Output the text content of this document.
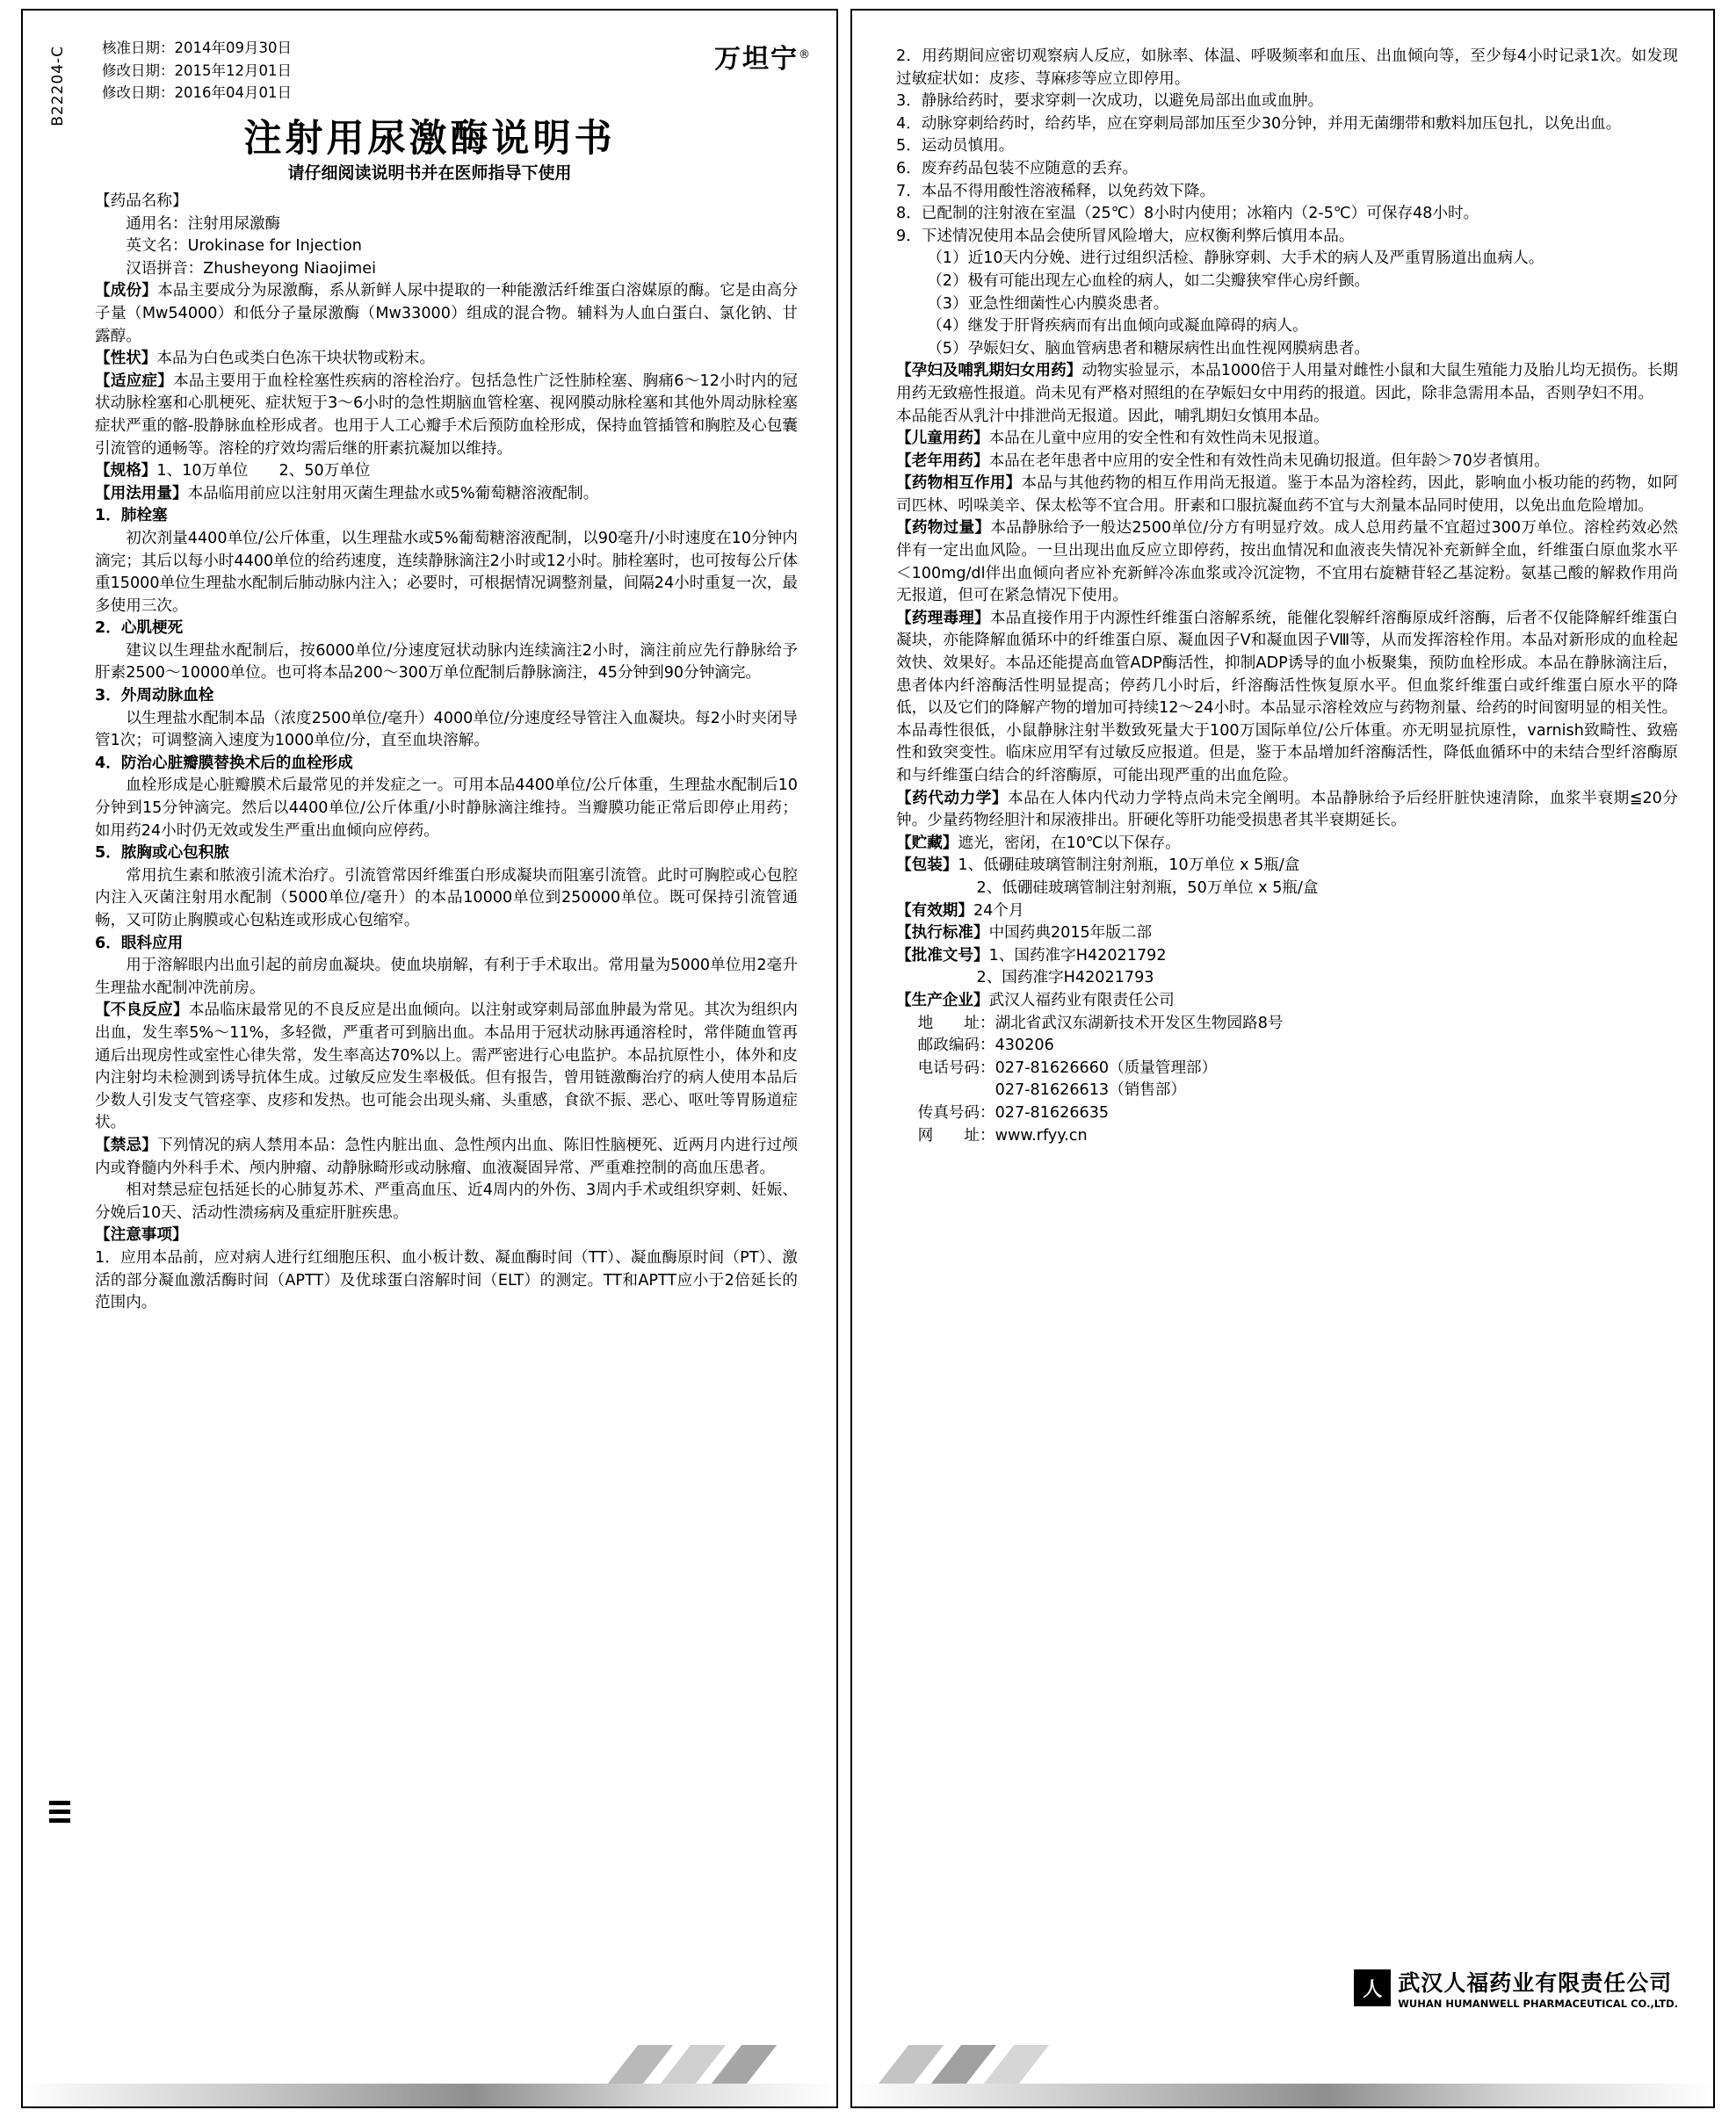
B22204-C 核准日期：2014年09月30日

修改日期：2015年12月01日

修改日期：2016年04月01日

万坦宁®
注射用尿激酶说明书
请仔细阅读说明书并在医师指导下使用

【药品名称】

通用名：注射用尿激酶

英文名：Urokinase for Injection

汉语拼音：Zhusheyong Niaojimei

【成份】本品主要成分为尿激酶，系从新鲜人尿中提取的一种能激活纤维蛋白溶媒原的酶。它是由高分子量（Mw54000）和低分子量尿激酶（Mw33000）组成的混合物。辅料为人血白蛋白、氯化钠、甘露醇。

【性状】本品为白色或类白色冻干块状物或粉末。

【适应症】本品主要用于血栓栓塞性疾病的溶栓治疗。包括急性广泛性肺栓塞、胸痛6～12小时内的冠状动脉栓塞和心肌梗死、症状短于3～6小时的急性期脑血管栓塞、视网膜动脉栓塞和其他外周动脉栓塞症状严重的髂-股静脉血栓形成者。也用于人工心瓣手术后预防血栓形成，保持血管插管和胸腔及心包囊引流管的通畅等。溶栓的疗效均需后继的肝素抗凝加以维持。

【规格】1、10万单位　　2、50万单位

【用法用量】本品临用前应以注射用灭菌生理盐水或5%葡萄糖溶液配制。

1．肺栓塞

初次剂量4400单位/公斤体重，以生理盐水或5%葡萄糖溶液配制，以90毫升/小时速度在10分钟内滴完；其后以每小时4400单位的给药速度，连续静脉滴注2小时或12小时。肺栓塞时，也可按每公斤体重15000单位生理盐水配制后肺动脉内注入；必要时，可根据情况调整剂量，间隔24小时重复一次，最多使用三次。

2．心肌梗死

建议以生理盐水配制后，按6000单位/分速度冠状动脉内连续滴注2小时，滴注前应先行静脉给予肝素2500～10000单位。也可将本品200～300万单位配制后静脉滴注，45分钟到90分钟滴完。

3．外周动脉血栓

以生理盐水配制本品（浓度2500单位/毫升）4000单位/分速度经导管注入血凝块。每2小时夹闭导管1次；可调整滴入速度为1000单位/分，直至血块溶解。

4．防治心脏瓣膜替换术后的血栓形成

血栓形成是心脏瓣膜术后最常见的并发症之一。可用本品4400单位/公斤体重，生理盐水配制后10分钟到15分钟滴完。然后以4400单位/公斤体重/小时静脉滴注维持。当瓣膜功能正常后即停止用药；如用药24小时仍无效或发生严重出血倾向应停药。

5．脓胸或心包积脓

常用抗生素和脓液引流术治疗。引流管常因纤维蛋白形成凝块而阻塞引流管。此时可胸腔或心包腔内注入灭菌注射用水配制（5000单位/毫升）的本品10000单位到250000单位。既可保持引流管通畅，又可防止胸膜或心包粘连或形成心包缩窄。

6．眼科应用

用于溶解眼内出血引起的前房血凝块。使血块崩解，有利于手术取出。常用量为5000单位用2毫升生理盐水配制冲洗前房。

【不良反应】本品临床最常见的不良反应是出血倾向。以注射或穿刺局部血肿最为常见。其次为组织内出血，发生率5%～11%，多轻微，严重者可到脑出血。本品用于冠状动脉再通溶栓时，常伴随血管再通后出现房性或室性心律失常，发生率高达70%以上。需严密进行心电监护。本品抗原性小，体外和皮内注射均未检测到诱导抗体生成。过敏反应发生率极低。但有报告，曾用链激酶治疗的病人使用本品后少数人引发支气管痉挛、皮疹和发热。也可能会出现头痛、头重感，食欲不振、恶心、呕吐等胃肠道症状。

【禁忌】下列情况的病人禁用本品：急性内脏出血、急性颅内出血、陈旧性脑梗死、近两月内进行过颅内或脊髓内外科手术、颅内肿瘤、动静脉畸形或动脉瘤、血液凝固异常、严重难控制的高血压患者。

相对禁忌症包括延长的心肺复苏术、严重高血压、近4周内的外伤、3周内手术或组织穿刺、妊娠、分娩后10天、活动性溃疡病及重症肝脏疾患。

【注意事项】

1．应用本品前，应对病人进行红细胞压积、血小板计数、凝血酶时间（TT）、凝血酶原时间（PT）、激活的部分凝血激活酶时间（APTT）及优球蛋白溶解时间（ELT）的测定。TT和APTT应小于2倍延长的范围内。

2．用药期间应密切观察病人反应，如脉率、体温、呼吸频率和血压、出血倾向等，至少每4小时记录1次。如发现过敏症状如：皮疹、荨麻疹等应立即停用。

3．静脉给药时，要求穿刺一次成功，以避免局部出血或血肿。

4．动脉穿刺给药时，给药毕，应在穿刺局部加压至少30分钟，并用无菌绷带和敷料加压包扎，以免出血。

5．运动员慎用。

6．废弃药品包装不应随意的丢弃。

7．本品不得用酸性溶液稀释，以免药效下降。

8．已配制的注射液在室温（25℃）8小时内使用；冰箱内（2-5℃）可保存48小时。

9．下述情况使用本品会使所冒风险增大，应权衡利弊后慎用本品。

（1）近10天内分娩、进行过组织活检、静脉穿刺、大手术的病人及严重胃肠道出血病人。

（2）极有可能出现左心血栓的病人，如二尖瓣狭窄伴心房纤颤。

（3）亚急性细菌性心内膜炎患者。

（4）继发于肝肾疾病而有出血倾向或凝血障碍的病人。

（5）孕娠妇女、脑血管病患者和糖尿病性出血性视网膜病患者。

【孕妇及哺乳期妇女用药】动物实验显示，本品1000倍于人用量对雌性小鼠和大鼠生殖能力及胎儿均无损伤。长期用药无致癌性报道。尚未见有严格对照组的在孕娠妇女中用药的报道。因此，除非急需用本品，否则孕妇不用。

本品能否从乳汁中排泄尚无报道。因此，哺乳期妇女慎用本品。

【儿童用药】本品在儿童中应用的安全性和有效性尚未见报道。

【老年用药】本品在老年患者中应用的安全性和有效性尚未见确切报道。但年龄＞70岁者慎用。

【药物相互作用】本品与其他药物的相互作用尚无报道。鉴于本品为溶栓药，因此，影响血小板功能的药物，如阿司匹林、吲哚美辛、保太松等不宜合用。肝素和口服抗凝血药不宜与大剂量本品同时使用，以免出血危险增加。

【药物过量】本品静脉给予一般达2500单位/分方有明显疗效。成人总用药量不宜超过300万单位。溶栓药效必然伴有一定出血风险。一旦出现出血反应立即停药，按出血情况和血液丧失情况补充新鲜全血，纤维蛋白原血浆水平＜100mg/dl伴出血倾向者应补充新鲜冷冻血浆或冷沉淀物，不宜用右旋糖苷轻乙基淀粉。氨基己酸的解救作用尚无报道，但可在紧急情况下使用。

【药理毒理】本品直接作用于内源性纤维蛋白溶解系统，能催化裂解纤溶酶原成纤溶酶，后者不仅能降解纤维蛋白凝块，亦能降解血循环中的纤维蛋白原、凝血因子Ⅴ和凝血因子Ⅷ等，从而发挥溶栓作用。本品对新形成的血栓起效快、效果好。本品还能提高血管ADP酶活性，抑制ADP诱导的血小板聚集，预防血栓形成。本品在静脉滴注后，患者体内纤溶酶活性明显提高；停药几小时后，纤溶酶活性恢复原水平。但血浆纤维蛋白或纤维蛋白原水平的降低，以及它们的降解产物的增加可持续12～24小时。本品显示溶栓效应与药物剂量、给药的时间窗明显的相关性。

本品毒性很低，小鼠静脉注射半数致死量大于100万国际单位/公斤体重。亦无明显抗原性，varnish致畸性、致癌性和致突变性。临床应用罕有过敏反应报道。但是，鉴于本品增加纤溶酶活性，降低血循环中的未结合型纤溶酶原和与纤维蛋白结合的纤溶酶原，可能出现严重的出血危险。

【药代动力学】本品在人体内代动力学特点尚未完全阐明。本品静脉给予后经肝脏快速清除，血浆半衰期≦20分钟。少量药物经胆汁和尿液排出。肝硬化等肝功能受损患者其半衰期延长。

【贮藏】遮光，密闭，在10℃以下保存。

【包装】1、低硼硅玻璃管制注射剂瓶，10万单位 x 5瓶/盒

2、低硼硅玻璃管制注射剂瓶，50万单位 x 5瓶/盒

【有效期】24个月

【执行标准】中国药典2015年版二部

【批准文号】1、国药准字H42021792

2、国药准字H42021793

【生产企业】武汉人福药业有限责任公司

地　　址：湖北省武汉东湖新技术开发区生物园路8号

邮政编码：430206

电话号码：027-81626660（质量管理部）

027-81626613（销售部）

传真号码：027-81626635

网　　址：www.rfyy.cn

人 武汉人福药业有限责任公司
WUHAN HUMANWELL PHARMACEUTICAL CO.,LTD.
